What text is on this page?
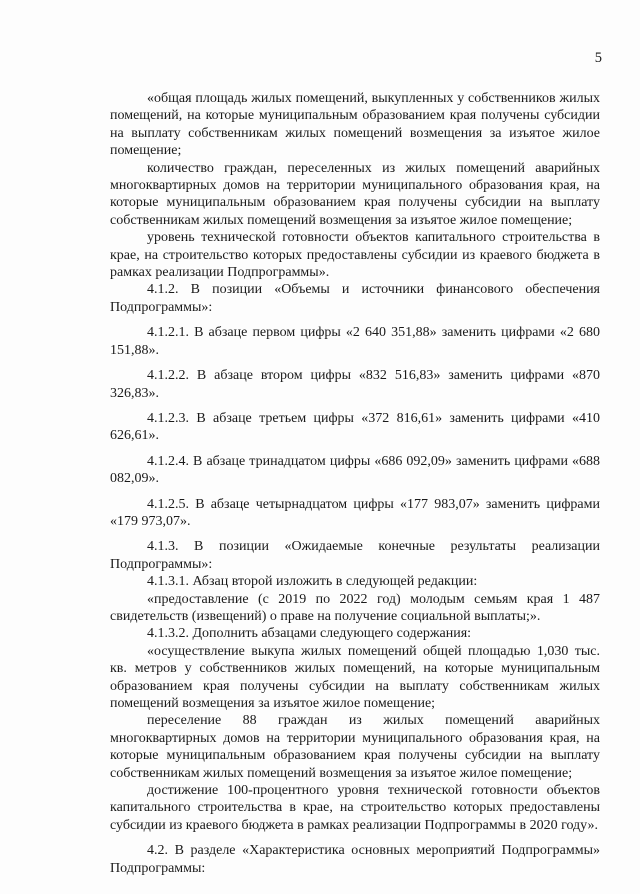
5

«общая площадь жилых помещений, выкупленных у собственников жилых помещений, на которые муниципальным образованием края получены субсидии на выплату собственникам жилых помещений возмещения за изъятое жилое помещение;

количество граждан, переселенных из жилых помещений аварийных многоквартирных домов на территории муниципального образования края, на которые муниципальным образованием края получены субсидии на выплату собственникам жилых помещений возмещения за изъятое жилое помещение;

уровень технической готовности объектов капитального строительства в крае, на строительство которых предоставлены субсидии из краевого бюджета в рамках реализации Подпрограммы».

4.1.2. В позиции «Объемы и источники финансового обеспечения Подпрограммы»:

4.1.2.1. В абзаце первом цифры «2 640 351,88» заменить цифрами «2 680 151,88».

4.1.2.2. В абзаце втором цифры «832 516,83» заменить цифрами «870 326,83».

4.1.2.3. В абзаце третьем цифры «372 816,61» заменить цифрами «410 626,61».

4.1.2.4. В абзаце тринадцатом цифры «686 092,09» заменить цифрами «688 082,09».

4.1.2.5. В абзаце четырнадцатом цифры «177 983,07» заменить цифрами «179 973,07».

4.1.3. В позиции «Ожидаемые конечные результаты реализации Подпрограммы»:

4.1.3.1. Абзац второй изложить в следующей редакции:

«предоставление (с 2019 по 2022 год) молодым семьям края 1 487 свидетельств (извещений) о праве на получение социальной выплаты;».

4.1.3.2. Дополнить абзацами следующего содержания:

«осуществление выкупа жилых помещений общей площадью 1,030 тыс. кв. метров у собственников жилых помещений, на которые муниципальным образованием края получены субсидии на выплату собственникам жилых помещений возмещения за изъятое жилое помещение;

переселение 88 граждан из жилых помещений аварийных многоквартирных домов на территории муниципального образования края, на которые муниципальным образованием края получены субсидии на выплату собственникам жилых помещений возмещения за изъятое жилое помещение;

достижение 100-процентного уровня технической готовности объектов капитального строительства в крае, на строительство которых предоставлены субсидии из краевого бюджета в рамках реализации Подпрограммы в 2020 году».

4.2. В разделе «Характеристика основных мероприятий Подпрограммы» Подпрограммы:
